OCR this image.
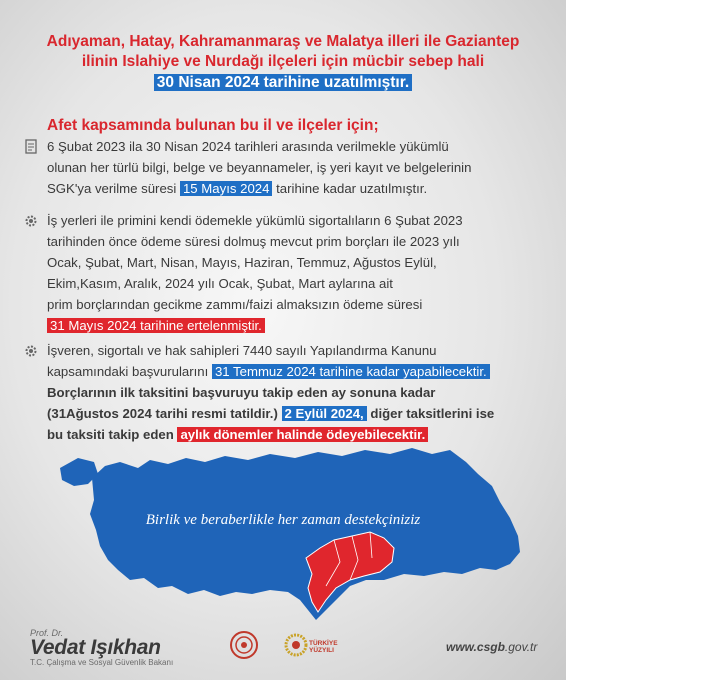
Adıyaman, Hatay, Kahramanmaraş ve Malatya illeri ile Gaziantep
ilinin Islahiye ve Nurdağı ilçeleri için mücbir sebep hali
30 Nisan 2024 tarihine uzatılmıştır.
Afet kapsamında bulunan bu il ve ilçeler için;
6 Şubat 2023 ila 30 Nisan 2024 tarihleri arasında verilmekle yükümlü
olunan her türlü bilgi, belge ve beyannameler, iş yeri kayıt ve belgelerinin
SGK'ya verilme süresi 15 Mayıs 2024 tarihine kadar uzatılmıştır.
İş yerleri ile primini kendi ödemekle yükümlü sigortalıların 6 Şubat 2023
tarihinden önce ödeme süresi dolmuş mevcut prim borçları ile 2023 yılı
Ocak, Şubat, Mart, Nisan, Mayıs, Haziran, Temmuz, Ağustos Eylül,
Ekim,Kasım, Aralık, 2024 yılı Ocak, Şubat, Mart aylarına ait
prim borçlarından gecikme zammı/faizi almaksızın ödeme süresi
31 Mayıs 2024 tarihine ertelenmiştir.
İşveren, sigortalı ve hak sahipleri 7440 sayılı Yapılandırma Kanunu
kapsamındaki başvurularını 31 Temmuz 2024 tarihine kadar yapabilecektir.
Borçlarının ilk taksitini başvuruyu takip eden ay sonuna kadar
(31Ağustos 2024 tarihi resmi tatildir.) 2 Eylül 2024, diğer taksitlerini ise
bu taksiti takip eden aylık dönemler halinde ödeyebilecektir.
Birlik ve beraberlikle her zaman destekçiniziz
Prof. Dr.
Vedat Işıkhan
T.C. Çalışma ve Sosyal Güvenlik Bakanı
TÜRKİYE
YÜZYILI	www.csgb.gov.tr
